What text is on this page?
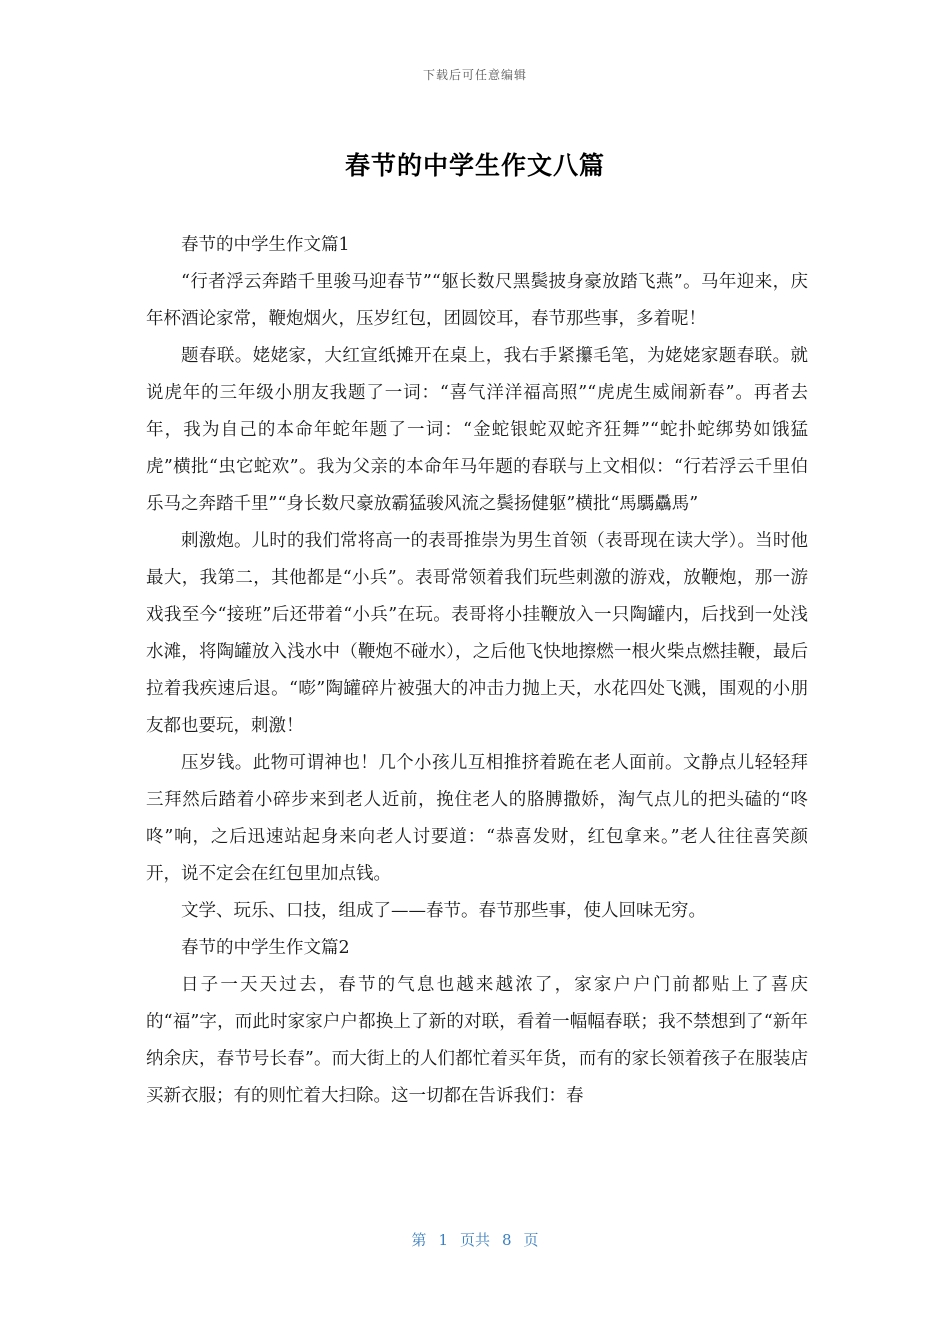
下载后可任意编辑
春节的中学生作文八篇

春节的中学生作文篇1

“行者浮云奔踏千里骏马迎春节”“躯长数尺黑鬓披身豪放踏飞燕”。马年迎来，庆年杯酒论家常，鞭炮烟火，压岁红包，团圆饺耳，春节那些事，多着呢！

题春联。姥姥家，大红宣纸摊开在桌上，我右手紧攥毛笔，为姥姥家题春联。就说虎年的三年级小朋友我题了一词：“喜气洋洋福高照”“虎虎生威闹新春”。再者去年，我为自己的本命年蛇年题了一词：“金蛇银蛇双蛇齐狂舞”“蛇扑蛇绑势如饿猛虎”横批“虫它蛇欢”。我为父亲的本命年马年题的春联与上文相似：“行若浮云千里伯乐马之奔踏千里”“身长数尺豪放霸猛骏风流之鬓扬健躯”横批“馬騳驫馬”

刺激炮。儿时的我们常将高一的表哥推崇为男生首领（表哥现在读大学）。当时他最大，我第二，其他都是“小兵”。表哥常领着我们玩些刺激的游戏，放鞭炮，那一游戏我至今“接班”后还带着“小兵”在玩。表哥将小挂鞭放入一只陶罐内，后找到一处浅水滩，将陶罐放入浅水中（鞭炮不碰水），之后他飞快地擦燃一根火柴点燃挂鞭，最后拉着我疾速后退。“嘭”陶罐碎片被强大的冲击力抛上天，水花四处飞溅，围观的小朋友都也要玩，刺激！

压岁钱。此物可谓神也！几个小孩儿互相推挤着跪在老人面前。文静点儿轻轻拜三拜然后踏着小碎步来到老人近前，挽住老人的胳膊撒娇，淘气点儿的把头磕的“咚咚”响，之后迅速站起身来向老人讨要道：“恭喜发财，红包拿来。”老人往往喜笑颜开，说不定会在红包里加点钱。

文学、玩乐、口技，组成了——春节。春节那些事，使人回味无穷。

春节的中学生作文篇2

日子一天天过去，春节的气息也越来越浓了，家家户户门前都贴上了喜庆的“福”字，而此时家家户户都换上了新的对联，看着一幅幅春联；我不禁想到了“新年纳余庆，春节号长春”。而大街上的人们都忙着买年货，而有的家长领着孩子在服装店买新衣服；有的则忙着大扫除。这一切都在告诉我们：春

第 1 页共 8 页
